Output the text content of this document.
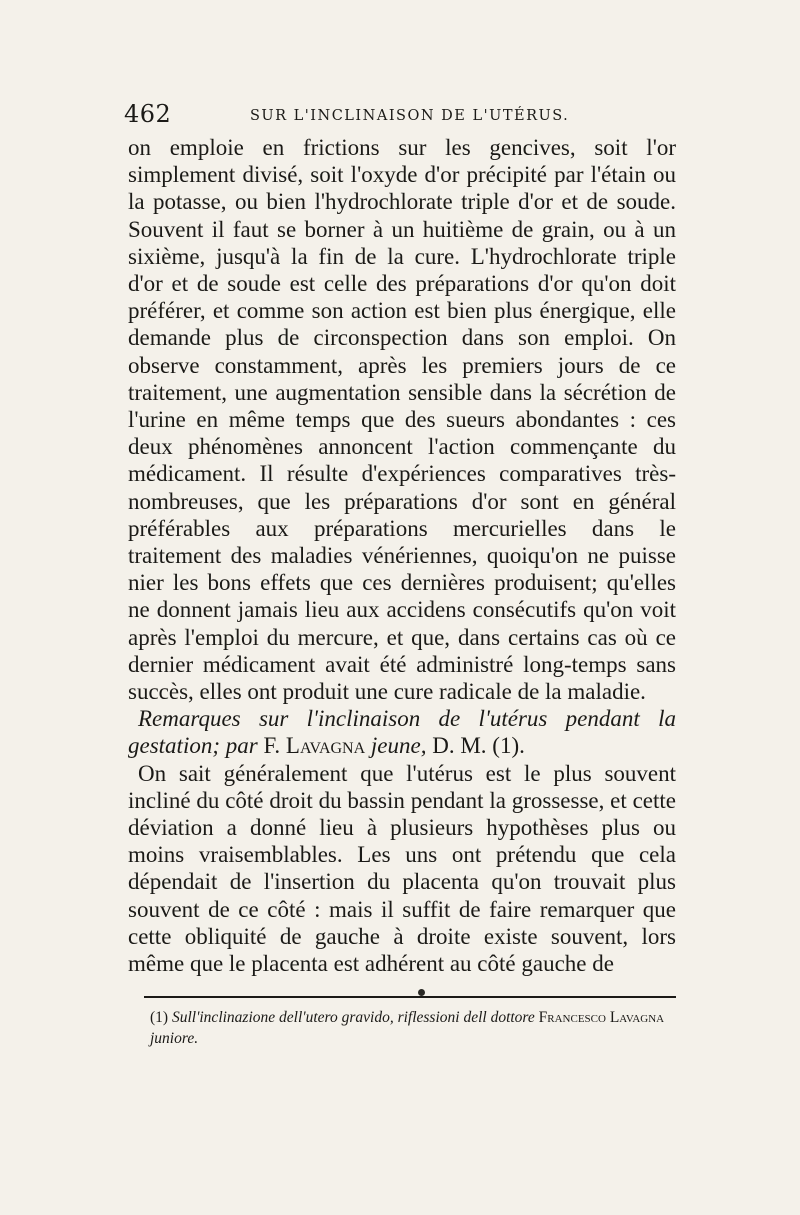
462	SUR L'INCLINAISON DE L'UTÉRUS.

on emploie en frictions sur les gencives, soit l'or simplement divisé, soit l'oxyde d'or précipité par l'étain ou la potasse, ou bien l'hydrochlorate triple d'or et de soude. Souvent il faut se borner à un huitième de grain, ou à un sixième, jusqu'à la fin de la cure. L'hydrochlorate triple d'or et de soude est celle des préparations d'or qu'on doit préférer, et comme son action est bien plus énergique, elle demande plus de circonspection dans son emploi. On observe constamment, après les premiers jours de ce traitement, une augmentation sensible dans la sécrétion de l'urine en même temps que des sueurs abondantes : ces deux phénomènes annoncent l'action commençante du médicament. Il résulte d'expériences comparatives très-nombreuses, que les préparations d'or sont en général préférables aux préparations mercurielles dans le traitement des maladies vénériennes, quoiqu'on ne puisse nier les bons effets que ces dernières produisent; qu'elles ne donnent jamais lieu aux accidens consécutifs qu'on voit après l'emploi du mercure, et que, dans certains cas où ce dernier médicament avait été administré long-temps sans succès, elles ont produit une cure radicale de la maladie.

Remarques sur l'inclinaison de l'utérus pendant la gestation; par F. Lavagna jeune, D. M. (1).

On sait généralement que l'utérus est le plus souvent incliné du côté droit du bassin pendant la grossesse, et cette déviation a donné lieu à plusieurs hypothèses plus ou moins vraisemblables. Les uns ont prétendu que cela dépendait de l'insertion du placenta qu'on trouvait plus souvent de ce côté : mais il suffit de faire remarquer que cette obliquité de gauche à droite existe souvent, lors même que le placenta est adhérent au côté gauche de

(1) Sull'inclinazione dell'utero gravido, riflessioni dell dottore Francesco Lavagna juniore.
